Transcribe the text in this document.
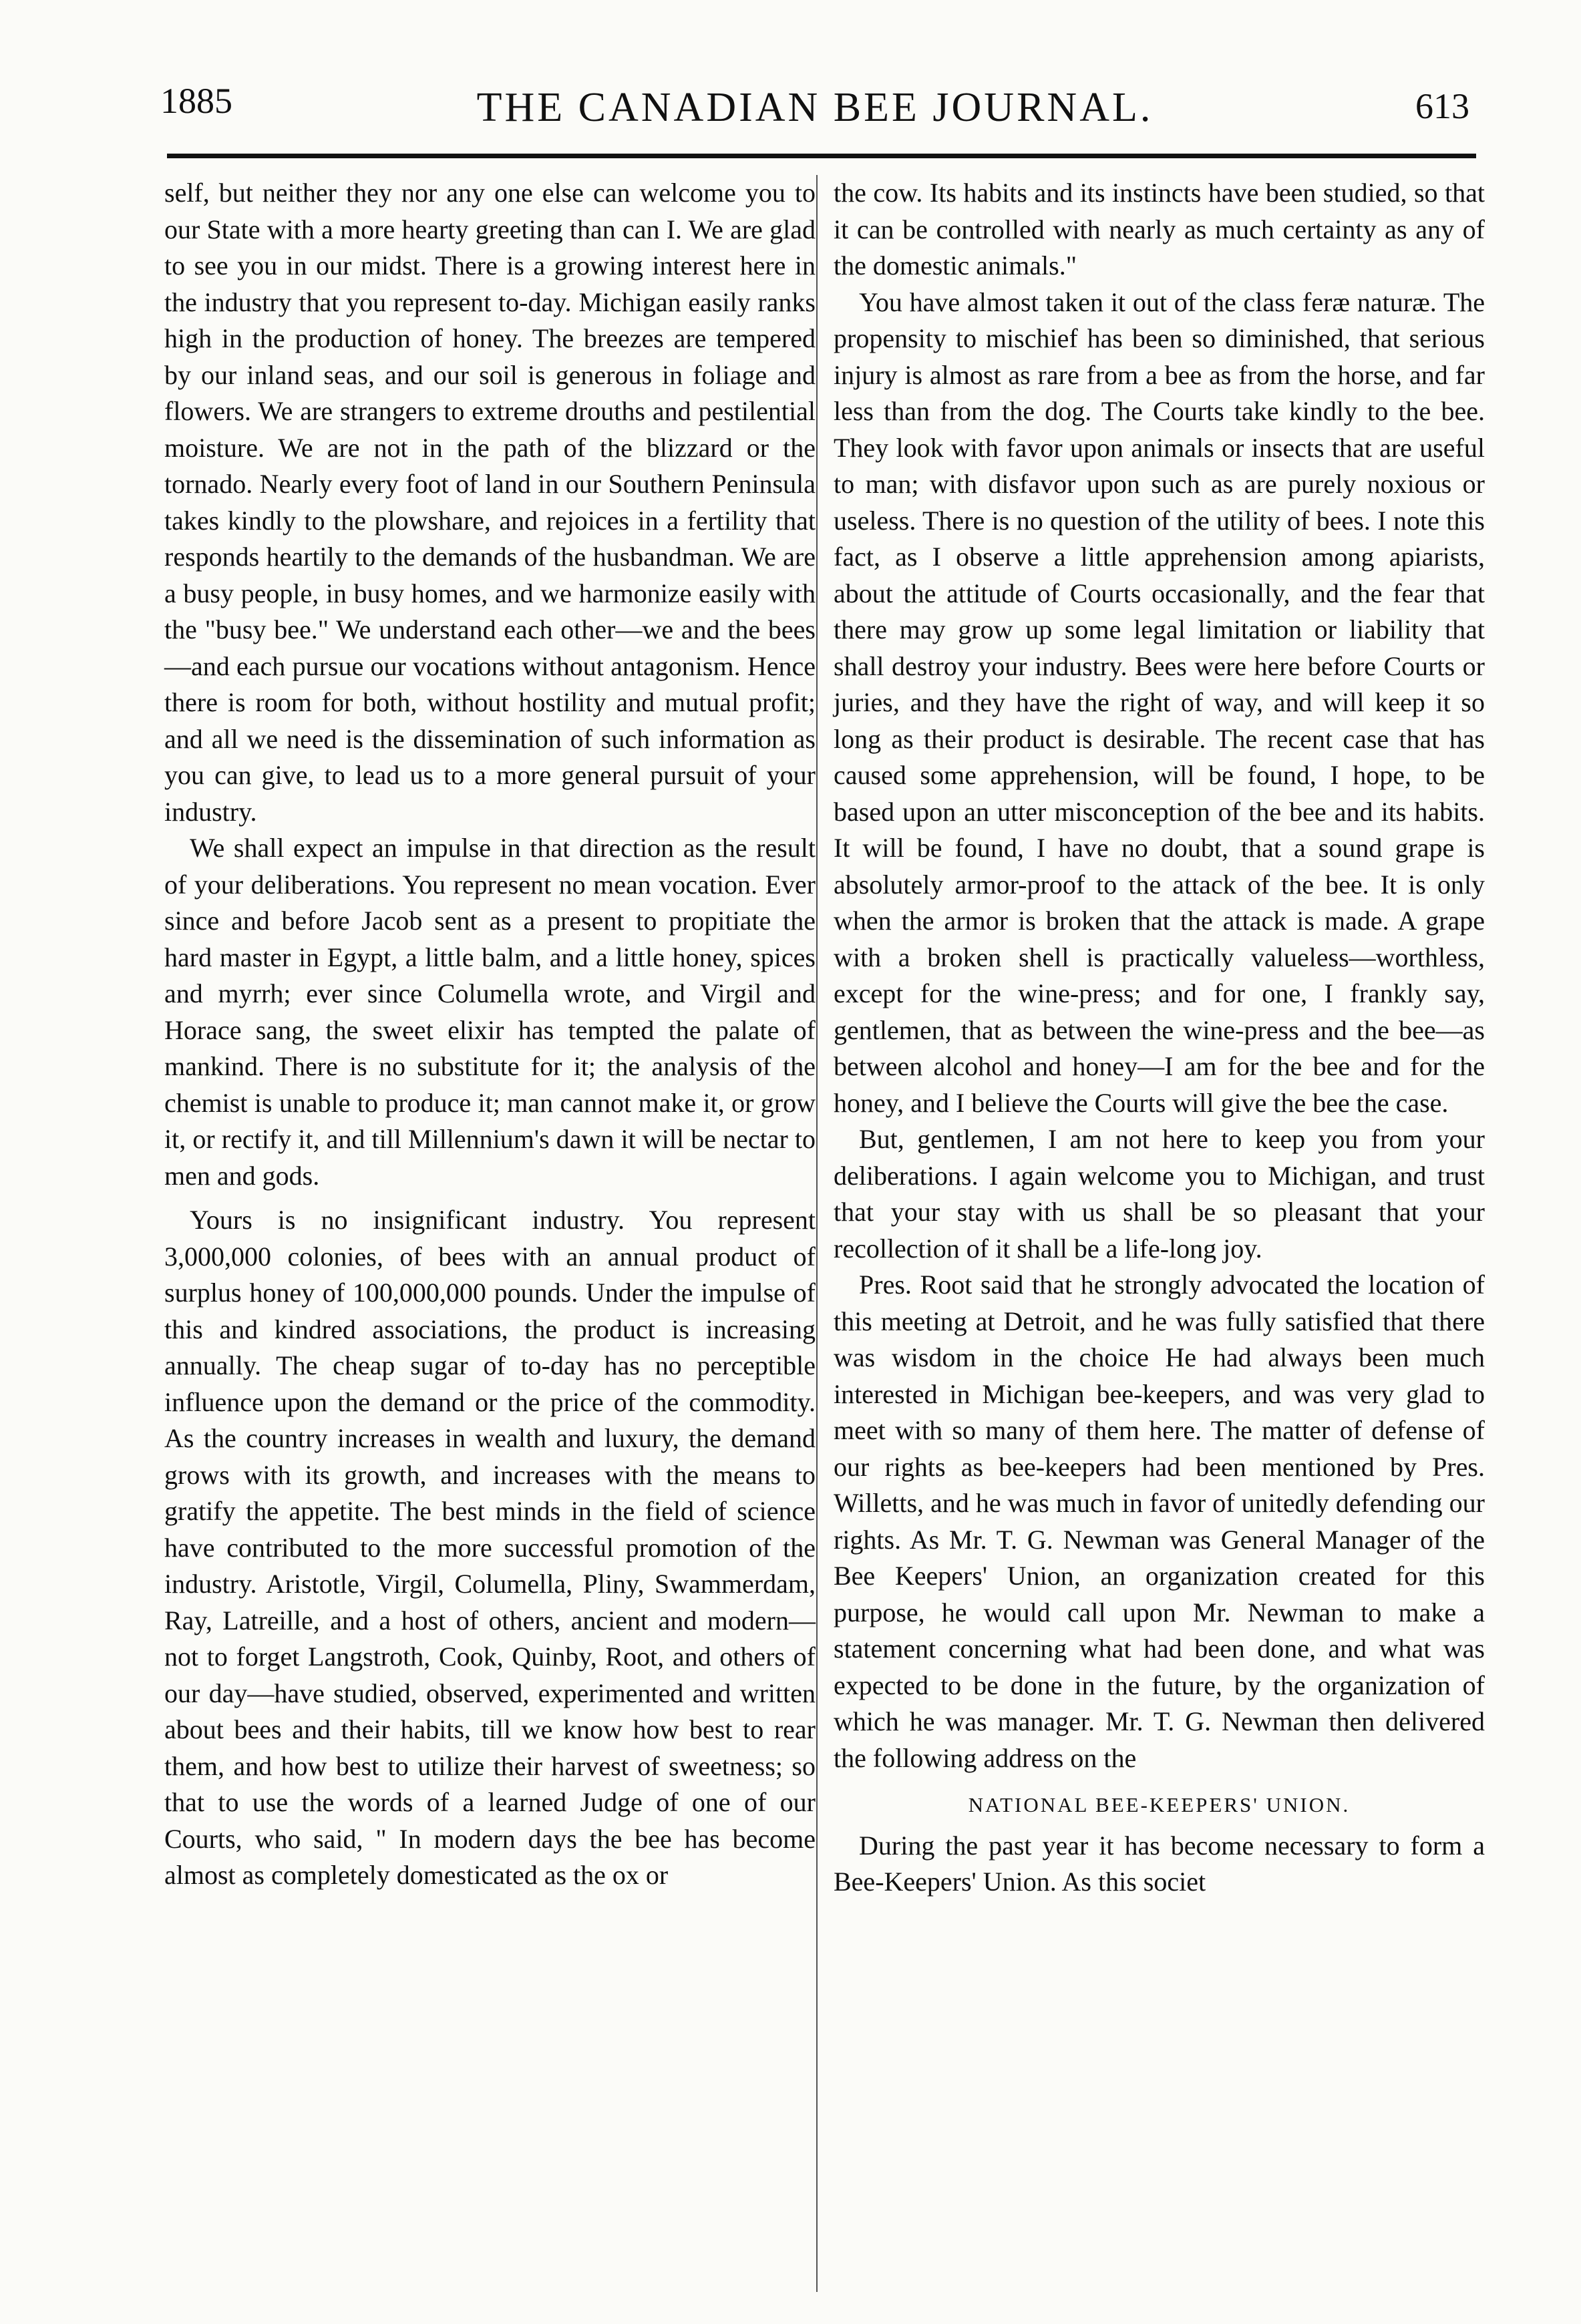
1885	THE CANADIAN BEE JOURNAL.	613

self, but neither they nor any one else can welcome you to our State with a more hearty greeting than can I. We are glad to see you in our midst. There is a growing interest here in the industry that you represent to-day. Michigan easily ranks high in the production of honey. The breezes are tempered by our inland seas, and our soil is generous in foliage and flowers. We are strangers to extreme drouths and pestilential moisture. We are not in the path of the blizzard or the tornado. Nearly every foot of land in our Southern Peninsula takes kindly to the plowshare, and rejoices in a fertility that responds heartily to the demands of the husbandman. We are a busy people, in busy homes, and we harmonize easily with the "busy bee." We understand each other—we and the bees—and each pursue our vocations without antagonism. Hence there is room for both, without hostility and mutual profit; and all we need is the dissemination of such information as you can give, to lead us to a more general pursuit of your industry.

We shall expect an impulse in that direction as the result of your deliberations. You represent no mean vocation. Ever since and before Jacob sent as a present to propitiate the hard master in Egypt, a little balm, and a little honey, spices and myrrh; ever since Columella wrote, and Virgil and Horace sang, the sweet elixir has tempted the palate of mankind. There is no substitute for it; the analysis of the chemist is unable to produce it; man cannot make it, or grow it, or rectify it, and till Millennium's dawn it will be nectar to men and gods.

Yours is no insignificant industry. You represent 3,000,000 colonies, of bees with an annual product of surplus honey of 100,000,000 pounds. Under the impulse of this and kindred associations, the product is increasing annually. The cheap sugar of to-day has no perceptible influence upon the demand or the price of the commodity. As the country increases in wealth and luxury, the demand grows with its growth, and increases with the means to gratify the appetite. The best minds in the field of science have contributed to the more successful promotion of the industry. Aristotle, Virgil, Columella, Pliny, Swammerdam, Ray, Latreille, and a host of others, ancient and modern—not to forget Langstroth, Cook, Quinby, Root, and others of our day—have studied, observed, experimented and written about bees and their habits, till we know how best to rear them, and how best to utilize their harvest of sweetness; so that to use the words of a learned Judge of one of our Courts, who said, " In modern days the bee has become almost as completely domesticated as the ox or

the cow. Its habits and its instincts have been studied, so that it can be controlled with nearly as much certainty as any of the domestic animals."

You have almost taken it out of the class feræ naturæ. The propensity to mischief has been so diminished, that serious injury is almost as rare from a bee as from the horse, and far less than from the dog. The Courts take kindly to the bee. They look with favor upon animals or insects that are useful to man; with disfavor upon such as are purely noxious or useless. There is no question of the utility of bees. I note this fact, as I observe a little apprehension among apiarists, about the attitude of Courts occasionally, and the fear that there may grow up some legal limitation or liability that shall destroy your industry. Bees were here before Courts or juries, and they have the right of way, and will keep it so long as their product is desirable. The recent case that has caused some apprehension, will be found, I hope, to be based upon an utter misconception of the bee and its habits. It will be found, I have no doubt, that a sound grape is absolutely armor-proof to the attack of the bee. It is only when the armor is broken that the attack is made. A grape with a broken shell is practically valueless—worthless, except for the wine-press; and for one, I frankly say, gentlemen, that as between the wine-press and the bee—as between alcohol and honey—I am for the bee and for the honey, and I believe the Courts will give the bee the case.

But, gentlemen, I am not here to keep you from your deliberations. I again welcome you to Michigan, and trust that your stay with us shall be so pleasant that your recollection of it shall be a life-long joy.

Pres. Root said that he strongly advocated the location of this meeting at Detroit, and he was fully satisfied that there was wisdom in the choice He had always been much interested in Michigan bee-keepers, and was very glad to meet with so many of them here. The matter of defense of our rights as bee-keepers had been mentioned by Pres. Willetts, and he was much in favor of unitedly defending our rights. As Mr. T. G. Newman was General Manager of the Bee Keepers' Union, an organization created for this purpose, he would call upon Mr. Newman to make a statement concerning what had been done, and what was expected to be done in the future, by the organization of which he was manager. Mr. T. G. Newman then delivered the following address on the

NATIONAL BEE-KEEPERS' UNION.

During the past year it has become necessary to form a Bee-Keepers' Union. As this societ
